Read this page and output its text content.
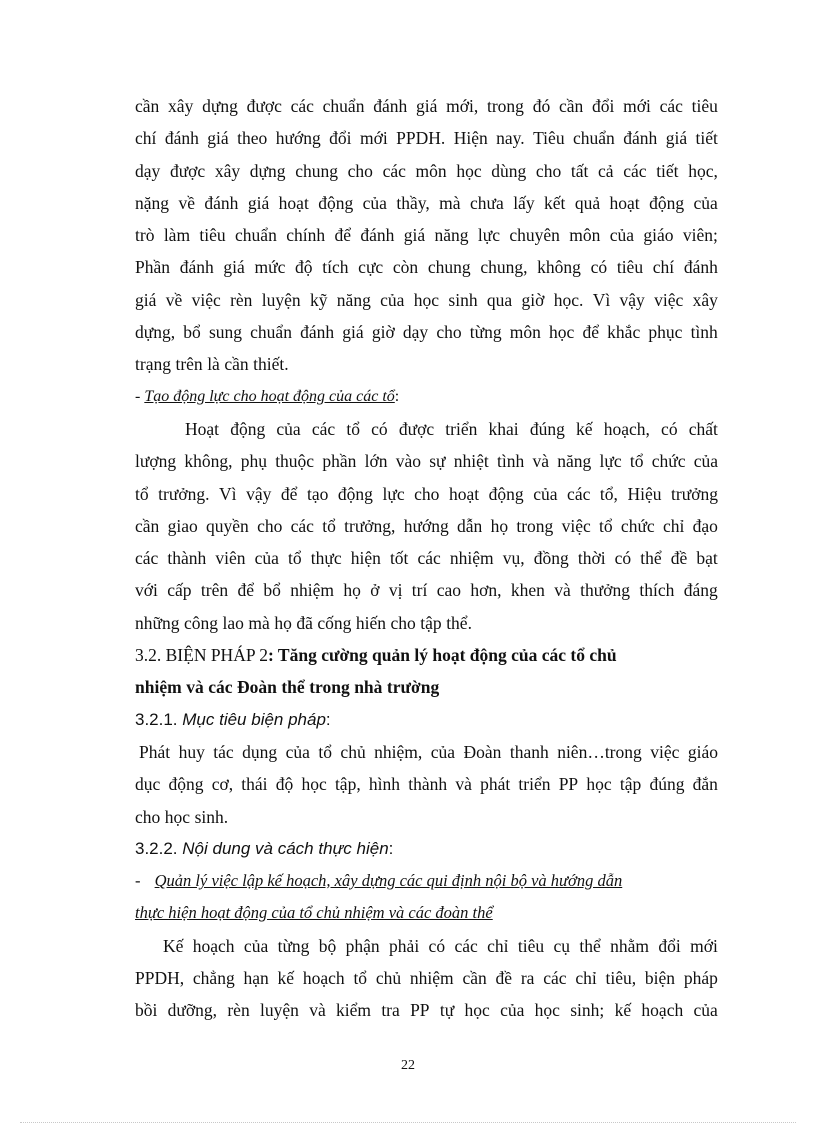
cần xây dựng được các chuẩn đánh giá mới, trong đó cần đổi mới các tiêu
chí đánh giá theo hướng đổi mới PPDH. Hiện nay. Tiêu chuẩn đánh giá tiết
dạy được xây dựng chung cho các môn học dùng cho tất cả các tiết học,
nặng về đánh giá hoạt động của thầy, mà chưa lấy kết quả hoạt động của
trò làm tiêu chuẩn chính để đánh giá năng lực chuyên môn của giáo viên;
Phần đánh giá mức độ tích cực còn chung chung, không có tiêu chí đánh
giá về việc rèn luyện kỹ năng của học sinh qua giờ học. Vì vậy việc xây
dựng, bổ sung chuẩn đánh giá giờ dạy cho từng môn học để khắc phục tình
trạng trên là cần thiết.
- Tạo động lực cho hoạt động của các tổ :
Hoạt động của các tổ có được triển khai đúng kế hoạch, có chất
lượng không, phụ thuộc phần lớn vào sự nhiệt tình và năng lực tổ chức của
tổ trưởng. Vì vậy để tạo động lực cho hoạt động của các tổ, Hiệu trưởng
cần giao quyền cho các tổ trưởng, hướng dẫn họ trong việc tổ chức chỉ đạo
các thành viên của tổ thực hiện tốt các nhiệm vụ, đồng thời có thể đề bạt
với cấp trên để bổ nhiệm họ ở vị trí cao hơn, khen và thưởng thích đáng
những công lao mà họ đã cống hiến cho tập thể.
3.2. BIỆN PHÁP 2 : Tăng cường quản lý hoạt động của các tổ chủ
nhiệm và các Đoàn thể trong nhà trường
3.2.1. Mục tiêu biện pháp :
Phát huy tác dụng của tổ chủ nhiệm, của Đoàn thanh niên…trong việc giáo
dục động cơ, thái độ học tập, hình thành và phát triển PP học tập đúng đắn
cho học sinh.
3.2.2. Nội dung và cách thực hiện :
- Quản lý việc lập kế hoạch, xây dựng các qui định nội bộ và hướng dẫn
thực hiện hoạt động của tổ chủ nhiệm và các đoàn thể
Kế hoạch của từng bộ phận phải có các chỉ tiêu cụ thể nhằm đổi mới
PPDH, chẳng hạn kế hoạch tổ chủ nhiệm cần đề ra các chỉ tiêu, biện pháp
bồi dưỡng, rèn luyện và kiểm tra PP tự học của học sinh; kế hoạch của
22
